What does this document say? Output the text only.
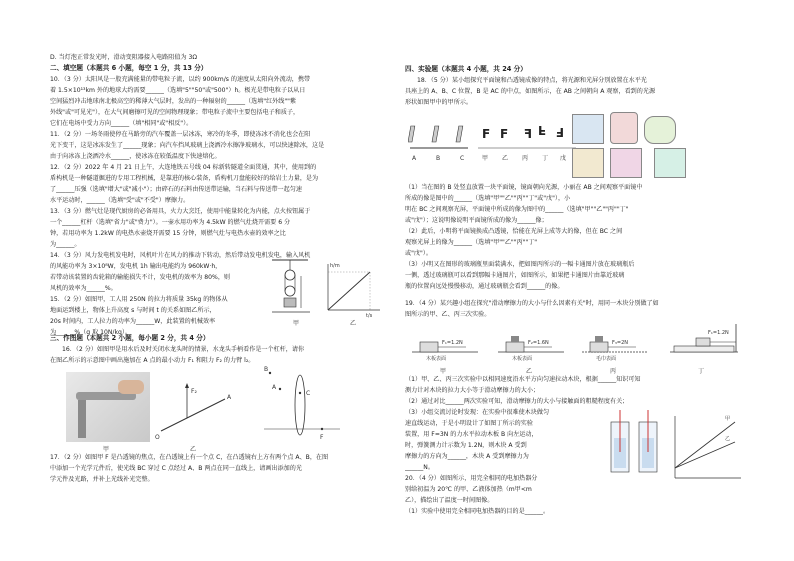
D. 当灯泡正常发光时，滑动变阻器接入电路阻值为 3Ω
二、填空题（本题共 6 小题，每空 1 分，共 13 分）
10．（3 分）太阳风是一股充满能量的带电粒子流，以约 900km/s 的速度从太阳向外流动，携带
着 1.5×10¹³km 外的地球大约需要______（选填"5""50"或"500"）h。极光是带电粒子以从日
空间猛烈冲击地球南北极高空的稀薄大气层时，发出的一种辐射的______（选填"红外线""紫
外线"或"可见光"），在大气间磨擦可见的空间物理现象；带电粒子流中主要包括电子和质子，
它们在电场中受力方向______（填"相同"或"相反"）。
11．（2 分）一场冬雨使停在马路旁的汽车覆盖一层冰冻，寒冷的冬季，即使冻冰不消化也会在阳
光下变干，这是冰冻发生了______现象；向汽车挡风玻璃上浇洒冷水擦净玻璃水，可以快速除冰，这是
由于向冰冻上浇洒冷水______，使冰冻在较低温度下快速熔化。
12．（2 分）2022 年 4 月 21 日上午，大连地铁五号线 04 标新转隧道全面贯通，其中，使用到的
盾构机是一种隧道掘进的专用工程机械，是靠进的核心装备，盾构机刀盘能较好的给岩土力量，是为
了______压强（选填"增大"或"减小"）；由碎石的石料由传送带运输，当石料与传送带一起匀速
水平运动时，______（选填"受"或"不受"）摩擦力。
13．（3 分）燃气灶是现代厨房的必备用具，火力大烹饪，使用中能量转化为内能，点火按钮属于
一个______杠杆（选填"省力"或"费力"）。一壶水用功率为 4.5kW 的燃气灶烧开需要 6 分
钟，若用功率为 1.2kW 的电热水壶烧开需要 15 分钟，则燃气灶与电热水壶的效率之比
为______。
14．（3 分）风力发电机发电时，风机叶片在风力的推动下转动，然后带动发电机发电，输入风机
的风能功率为 3×10⁸W，发电机 1h 输出电能约为 960kW·h，
若带动该装置的齿轮箱的输能损失不计，发电机的效率为 80%，则
风机的效率为______%。
15．（2 分）如图甲，工人用 250N 的拉力将质量 35kg 的物体从
地面运到楼上，物体上升高度 s 与时间 t 的关系如图乙所示，
20s 时间内，工人拉力的功率为______W，此装置的机械效率
为______%（g 取 10N/kg）。
h/m
t/s
甲	乙
三、作图题（本题共 2 小题，每小题 2 分，共 4 分）
16．（2 分）如图甲是用水后及时关闭水龙头时的情景，水龙头手柄看作是一个杠杆，请你
在图乙所示的示意图中画出施加在 A 点的最小动力 F₁ 和阻力 F₂ 的力臂 l₂。
甲
F₂
A
O
乙
B
A
C
F
17．（2 分）如图甲 F 是凸透镜的焦点，在凸透镜上有一个点 C，在凸透镜右上方有两个点 A、B，在图
中添加一个光学元件后，使光线 BC 穿过 C 点经过 A、B 两点在同一直线上，请画出添加的光
学元件及光路，并补上光线补光完整。
四、实验题（本题共 4 小题，共 24 分）
18．（5 分）某小组探究平面镜和凸透镜成像的特点，将光源和光屏分别放置在水平光
具座上的 A、B、C 位置，B 是 AC 的中点，如图所示，在 AB 之间朝向 A 观察，看到的光源
形状如图甲中的甲所示。
A	B	C
F F F F F
甲 乙 丙 丁 戊
（1）当在图的 B 处竖直放置一块平面镜，镜面朝向光源，小丽在 AB 之间观察平面镜中
所成的像是图中的______（选填"甲""乙""丙""丁"或"戊"），小
明在 BC 之间观察光屏，平面镜中所成的像为图中的______（选填"甲""乙""丙""丁"
或"戊"）；这说明像说明平面镜所成的像为______像；
（2）此后，小明将平面镜换成凸透镜，恰能在光屏上成等大的像，但在 BC 之间
观察光屏上的像为______（选填"甲""乙""丙""丁"
或"戊"）。
（3）小明又在图形的玻璃瓶里面装满水，把如图丙所示的一幅卡通图片放在玻璃瓶后
一侧，透过玻璃瓶可以看到那幅卡通图片，如图所示，如果把卡通图片由靠近玻璃
瓶的位置向远处慢慢移动，通过玻璃瓶会看到______的像。
19．（4 分）某兴趣小组在探究"滑动摩擦力的大小与什么因素有关"时，用同一木块分别做了如
图所示的甲、乙、丙三次实验。
F₁=1.2N
木板表面
F₂=1.6N
木板表面
F₃=2N
毛巾表面
F₁=1.2N
甲	乙	丙	丁
（1）甲、乙、丙三次实验中以相同速度沿水平方向匀速拉动木块，根据______知识可知
测力计对木块的拉力大小等于滑动摩擦力的大小；
（2）通过对比______两次实验可知，滑动摩擦力的大小与接触面的粗糙程度有关；
（3）小组交流讨论时发现：在实验中很难使木块做匀
速直线运动，于是小明设计了如图丁所示的实验
装置，用 F=3N 的力水平拉动木板 B 向左运动，
时，弹簧测力计示数为 1.2N，则木块 A 受到
摩擦力的方向为______，木块 A 受到摩擦力为
______N。
20．（4 分）如图所示，用完全相同的电加热器分
别给初温为 20℃ 的甲、乙液体加热（m甲<m
乙），描绘出了温度一时间图像。
（1）实验中使用完全相同电加热器的目的是______。
甲
乙
